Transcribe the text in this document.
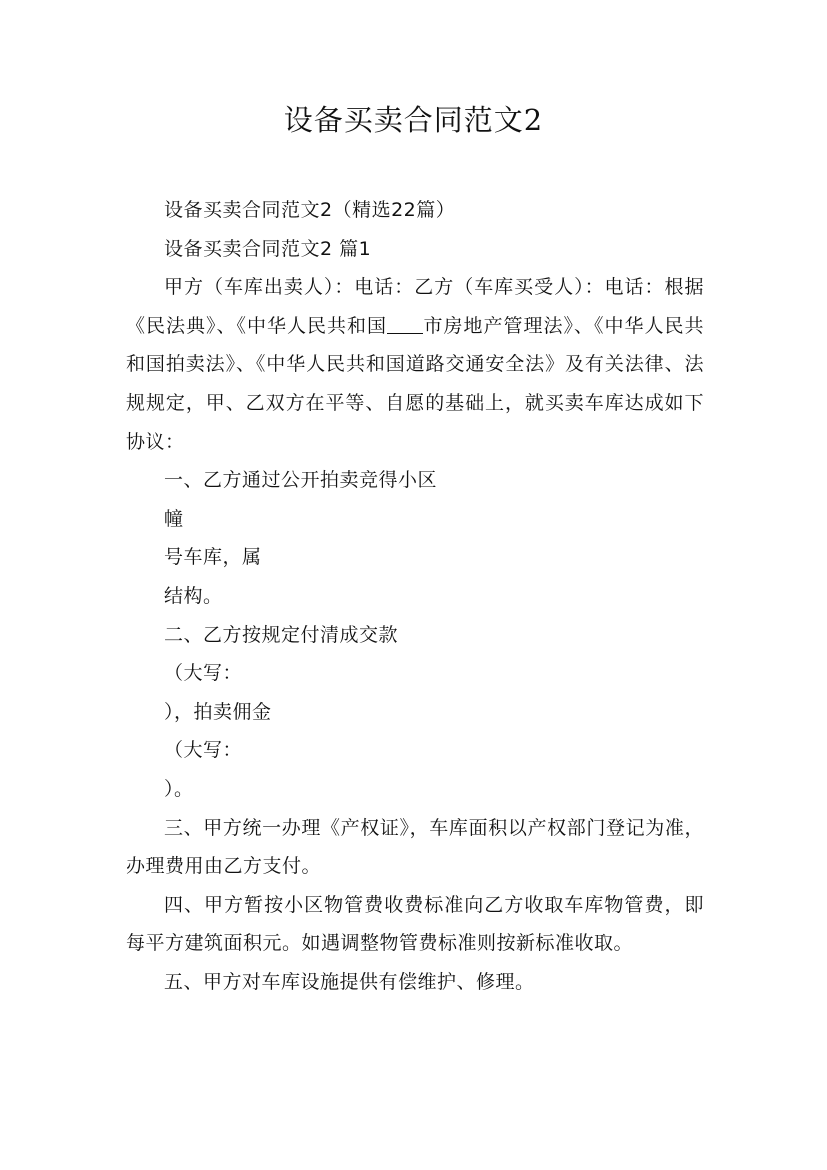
设备买卖合同范文2

设备买卖合同范文2（精选22篇）

设备买卖合同范文2 篇1

甲方（车库出卖人）：电话：乙方（车库买受人）：电话：根据《民法典》、《中华人民共和国 市房地产管理法》、《中华人民共和国拍卖法》、《中华人民共和国道路交通安全法》及有关法律、法规规定，甲、乙双方在平等、自愿的基础上，就买卖车库达成如下协议：

一、乙方通过公开拍卖竞得小区

幢

号车库，属

结构。

二、乙方按规定付清成交款

（大写：

），拍卖佣金

（大写：

）。

三、甲方统一办理《产权证》，车库面积以产权部门登记为准，办理费用由乙方支付。

四、甲方暂按小区物管费收费标准向乙方收取车库物管费，即每平方建筑面积元。如遇调整物管费标准则按新标准收取。

五、甲方对车库设施提供有偿维护、修理。
